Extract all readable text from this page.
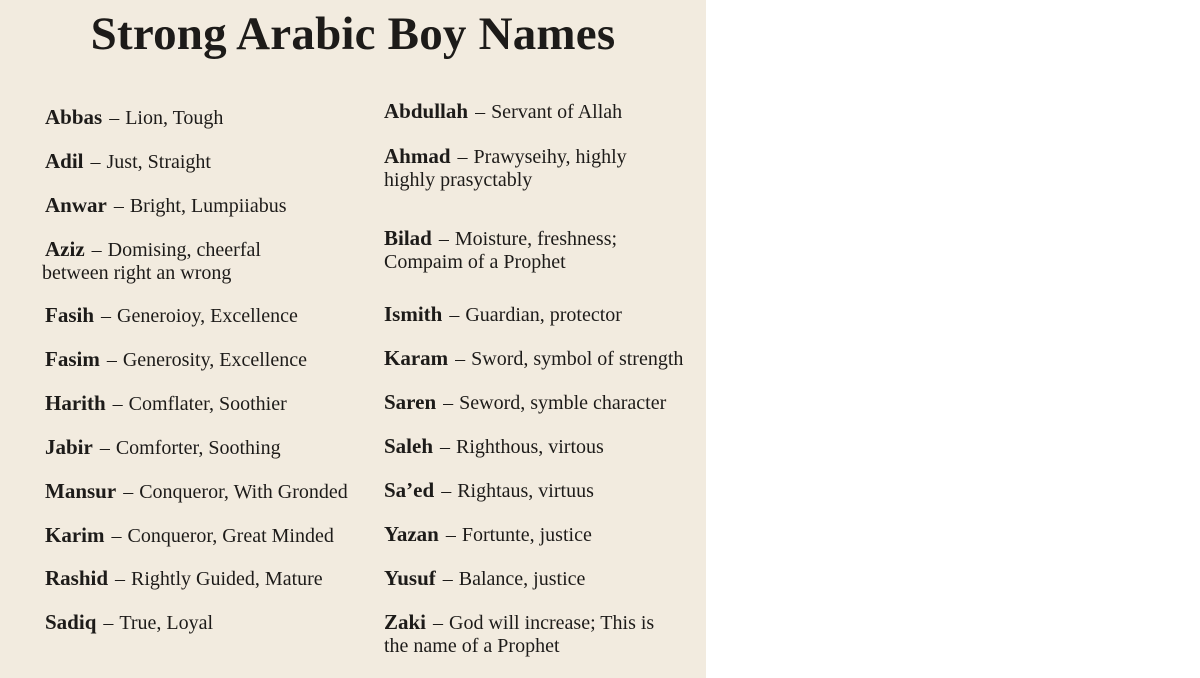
Strong Arabic Boy Names
Abbas – Lion, Tough
Adil – Just, Straight
Anwar – Bright, Lumpiiabus
Aziz – Domising, cheerfal
between right an wrong
Fasih – Generoioy, Excellence
Fasim – Generosity, Excellence
Harith – Comflater, Soothier
Jabir – Comforter, Soothing
Mansur – Conqueror, With Gronded
Karim – Conqueror, Great Minded
Rashid – Rightly Guided, Mature
Sadiq – True, Loyal
Abdullah – Servant of Allah
Ahmad – Prawyseihy, highly
highly prasyctably
Bilad – Moisture, freshness;
Compaim of a Prophet
Ismith – Guardian, protector
Karam – Sword, symbol of strength
Saren – Seword, symble character
Saleh – Righthous, virtous
Sa’ed – Rightaus, virtuus
Yazan – Fortunte, justice
Yusuf – Balance, justice
Zaki – God will increase; This is
the name of a Prophet
